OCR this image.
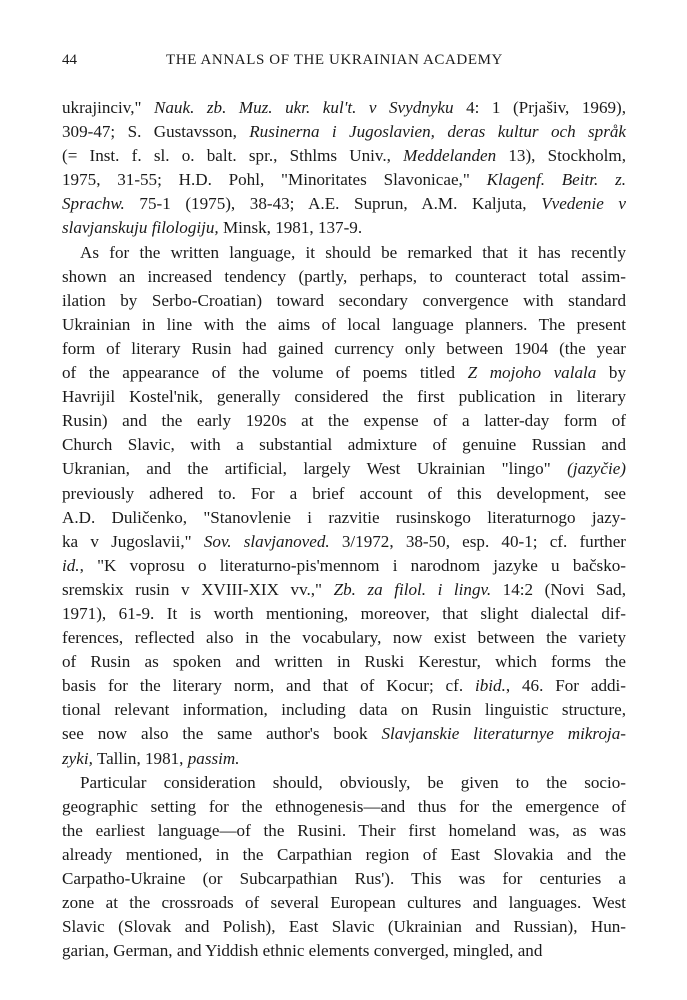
44	THE ANNALS OF THE UKRAINIAN ACADEMY
ukrajinciv," Nauk. zb. Muz. ukr. kul't. v Svydnyku 4: 1 (Prjašiv, 1969),
309-47; S. Gustavsson, Rusinerna i Jugoslavien, deras kultur och språk
(= Inst. f. sl. o. balt. spr., Sthlms Univ., Meddelanden 13), Stockholm,
1975, 31-55; H.D. Pohl, "Minoritates Slavonicae," Klagenf. Beitr. z.
Sprachw. 75-1 (1975), 38-43; A.E. Suprun, A.M. Kaljuta, Vvedenie v
slavjanskuju filologiju, Minsk, 1981, 137-9.
As for the written language, it should be remarked that it has recently
shown an increased tendency (partly, perhaps, to counteract total assim-
ilation by Serbo-Croatian) toward secondary convergence with standard
Ukrainian in line with the aims of local language planners. The present
form of literary Rusin had gained currency only between 1904 (the year
of the appearance of the volume of poems titled Z mojoho valala by
Havrijil Kostel'nik, generally considered the first publication in literary
Rusin) and the early 1920s at the expense of a latter-day form of
Church Slavic, with a substantial admixture of genuine Russian and
Ukranian, and the artificial, largely West Ukrainian "lingo" (jazyčie)
previously adhered to. For a brief account of this development, see
A.D. Duličenko, "Stanovlenie i razvitie rusinskogo literaturnogo jazy-
ka v Jugoslavii," Sov. slavjanoved. 3/1972, 38-50, esp. 40-1; cf. further
id., "K voprosu o literaturno-pis'mennom i narodnom jazyke u bačsko-
sremskix rusin v XVIII-XIX vv.," Zb. za filol. i lingv. 14:2 (Novi Sad,
1971), 61-9. It is worth mentioning, moreover, that slight dialectal dif-
ferences, reflected also in the vocabulary, now exist between the variety
of Rusin as spoken and written in Ruski Kerestur, which forms the
basis for the literary norm, and that of Kocur; cf. ibid., 46. For addi-
tional relevant information, including data on Rusin linguistic structure,
see now also the same author's book Slavjanskie literaturnye mikroja-
zyki, Tallin, 1981, passim.
Particular consideration should, obviously, be given to the socio-
geographic setting for the ethnogenesis—and thus for the emergence of
the earliest language—of the Rusini. Their first homeland was, as was
already mentioned, in the Carpathian region of East Slovakia and the
Carpatho-Ukraine (or Subcarpathian Rus'). This was for centuries a
zone at the crossroads of several European cultures and languages. West
Slavic (Slovak and Polish), East Slavic (Ukrainian and Russian), Hun-
garian, German, and Yiddish ethnic elements converged, mingled, and
